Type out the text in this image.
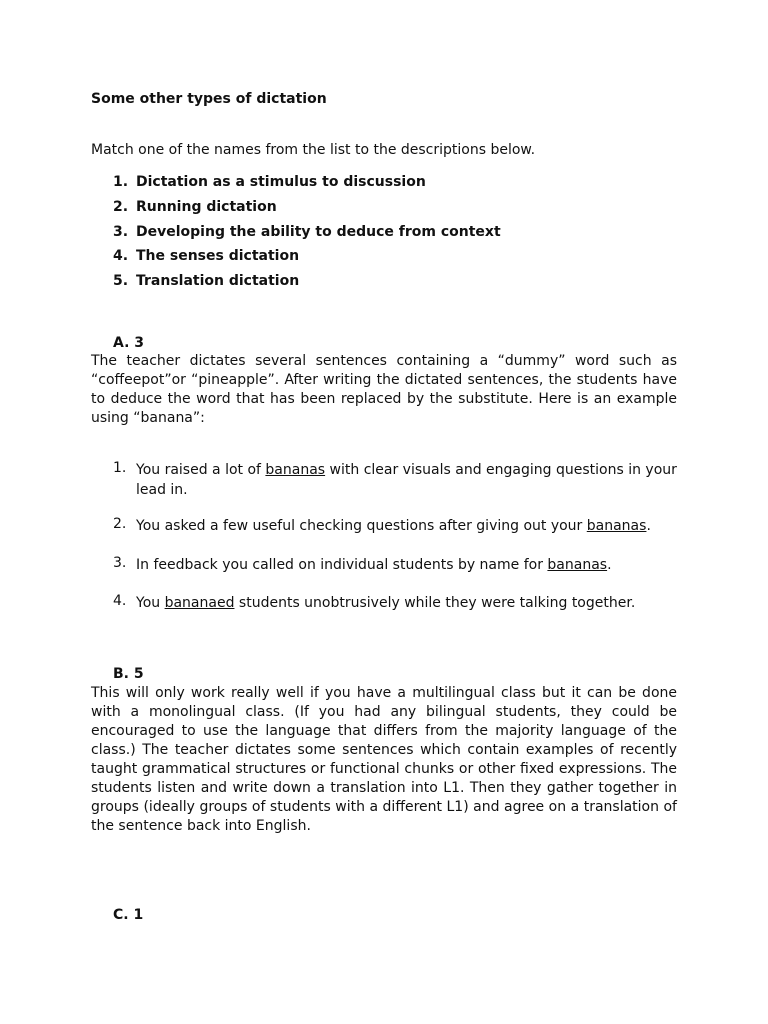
Some other types of dictation
Match one of the names from the list to the descriptions below.
1. Dictation as a stimulus to discussion
2. Running dictation
3. Developing the ability to deduce from context
4. The senses dictation
5. Translation dictation
A. 3
The teacher dictates several sentences containing a “dummy” word such as “coffeepot”or “pineapple”. After writing the dictated sentences, the students have to deduce the word that has been replaced by the substitute. Here is an example using “banana”:
1. You raised a lot of bananas with clear visuals and engaging questions in your lead in.
2. You asked a few useful checking questions after giving out your bananas.
3. In feedback you called on individual students by name for bananas.
4. You bananaed students unobtrusively while they were talking together.
B. 5
This will only work really well if you have a multilingual class but it can be done with a monolingual class. (If you had any bilingual students, they could be encouraged to use the language that differs from the majority language of the class.) The teacher dictates some sentences which contain examples of recently taught grammatical structures or functional chunks or other fixed expressions. The students listen and write down a translation into L1. Then they gather together in groups (ideally groups of students with a different L1) and agree on a translation of the sentence back into English.
C. 1
